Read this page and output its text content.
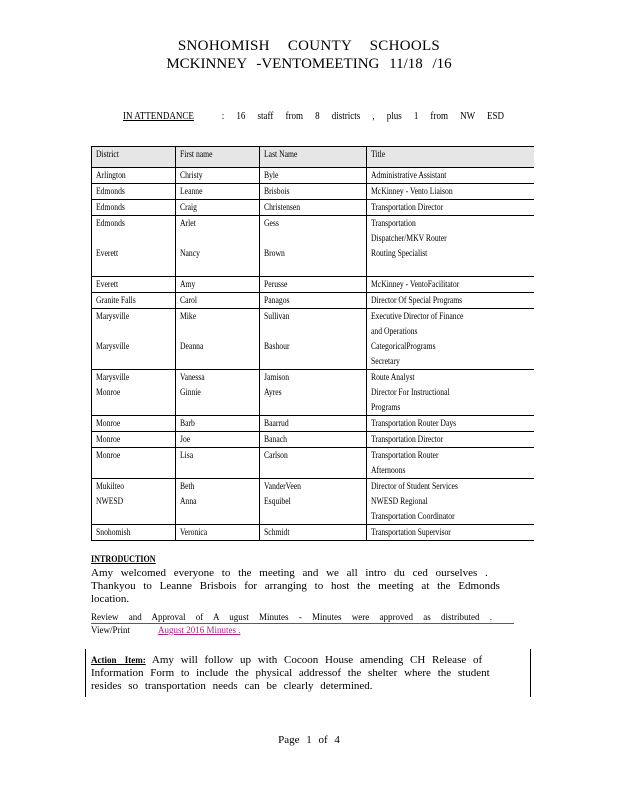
SNOHOMISH COUNTY SCHOOLS
MCKINNEY -VENTOMEETING 11/18 /16
IN ATTENDANCE	: 16 staff from 8 districts , plus 1 from NW ESD
District	First name	Last Name	Title

Arlington	Christy	Byle	Administrative Assistant

Edmonds	Leanne	Brisbois	McKinney - Vento Liaison

Edmonds	Craig	Christensen	Transportation Director

Edmonds	Arlet	Gess	Transportation

			Dispatcher/MKV Router

Everett	Nancy	Brown	Routing Specialist

Everett	Amy	Perusse	McKinney - VentoFacilitator

Granite Falls	Carol	Panagos	Director Of Special Programs

Marysville	Mike	Sullivan	Executive Director of Finance

			and Operations

Marysville	Deanna	Bashour	CategoricalPrograms

			Secretary

Marysville	Vanessa	Jamison	Route Analyst

Monroe	Ginnie	Ayres	Director For Instructional

			Programs

Monroe	Barb	Baarrud	Transportation Router Days

Monroe	Joe	Banach	Transportation Director

Monroe	Lisa	Carlson	Transportation Router

			Afternoons

Mukilteo	Beth	VanderVeen	Director of Student Services

NWESD	Anna	Esquibel	NWESD Regional

			Transportation Coordinator

Snohomish	Veronica	Schmidt	Transportation Supervisor
INTRODUCTION
Amy welcomed everyone to the meeting and we all intro du ced ourselves . Thankyou to Leanne Brisbois for arranging to host the meeting at the Edmonds location.
Review and Approval of A ugust Minutes - Minutes were approved as distributed .
View/Print	August 2016 Minutes .
Action Item: Amy will follow up with Cocoon House amending CH Release of Information Form to include the physical addressof the shelter where the student resides so transportation needs can be clearly determined.
Page 1 of 4
